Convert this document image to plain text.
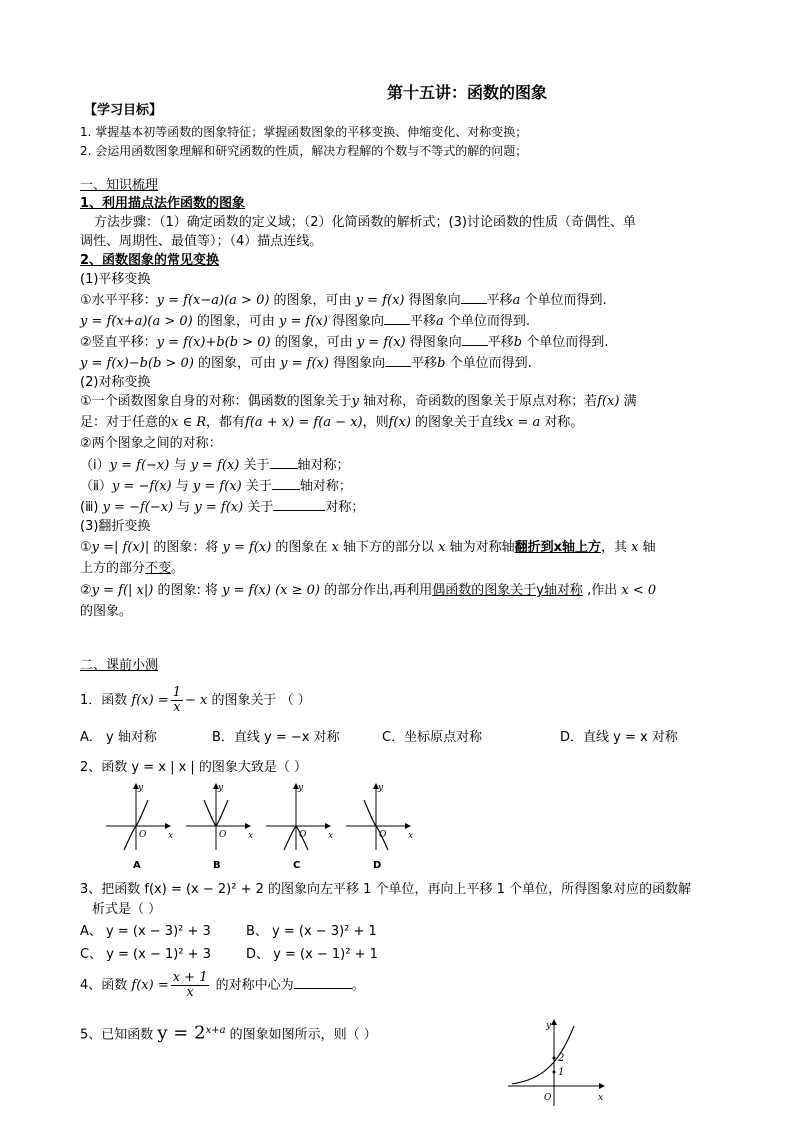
第十五讲：函数的图象
【学习目标】
1. 掌握基本初等函数的图象特征；掌握函数图象的平移变换、伸缩变化、对称变换；
2. 会运用函数图象理解和研究函数的性质，解决方程解的个数与不等式的解的问题；
一、知识梳理
1、利用描点法作函数的图象
方法步骤：（1）确定函数的定义域；（2）化简函数的解析式；(3)讨论函数的性质（奇偶性、单
调性、周期性、最值等）；（4）描点连线。
2、函数图象的常见变换
(1)平移变换
①水平平移：y = f(x−a)(a > 0) 的图象，可由 y = f(x) 得图象向 平移a 个单位而得到.
y = f(x+a)(a > 0) 的图象，可由 y = f(x) 得图象向 平移a 个单位而得到.
②竖直平移：y = f(x)+b(b > 0) 的图象，可由 y = f(x) 得图象向 平移b 个单位而得到.
y = f(x)−b(b > 0) 的图象，可由 y = f(x) 得图象向 平移b 个单位而得到.
(2)对称变换
①一个函数图象自身的对称：偶函数的图象关于y 轴对称，奇函数的图象关于原点对称；若f(x) 满
足：对于任意的x ∈ R，都有f(a + x) = f(a − x)，则f(x) 的图象关于直线x = a 对称。
②两个图象之间的对称：
（ⅰ）y = f(−x) 与 y = f(x) 关于 轴对称；
（ⅱ）y = −f(x) 与 y = f(x) 关于 轴对称；
(ⅲ) y = −f(−x) 与 y = f(x) 关于	对称；
(3)翻折变换
①y =| f(x)| 的图象：将 y = f(x) 的图象在 x 轴下方的部分以 x 轴为对称轴翻折到x轴上方，其 x 轴
上方的部分不变。
②y = f(| x|) 的图象: 将 y = f(x) (x ≥ 0) 的部分作出,再利用偶函数的图象关于y轴对称 ,作出 x < 0
的图象。
二、课前小测
1．函数 $f(x) = \frac{1}{x} - x$ 的图象关于 （ ）
A． y 轴对称	B．直线 y = −x 对称	C．坐标原点对称	D．直线 y = x 对称
2、函数 y = x | x | 的图象大致是（ ）
y
x
O
y
x
O
y
x
O
y
x
O
A	B	C	D
3、把函数 f(x) = (x − 2)² + 2 的图象向左平移 1 个单位，再向上平移 1 个单位，所得图象对应的函数解
析式是（ ）
A、 y = (x − 3)² + 3	B、 y = (x − 3)² + 1
C、 y = (x − 1)² + 3	D、 y = (x − 1)² + 1
4、函数 $f(x) = \frac{x + 1}{x}$ 的对称中心为	。
5、已知函数 $y = 2^{x+a}$ 的图象如图所示，则（ ）
2
1
y
x
O
